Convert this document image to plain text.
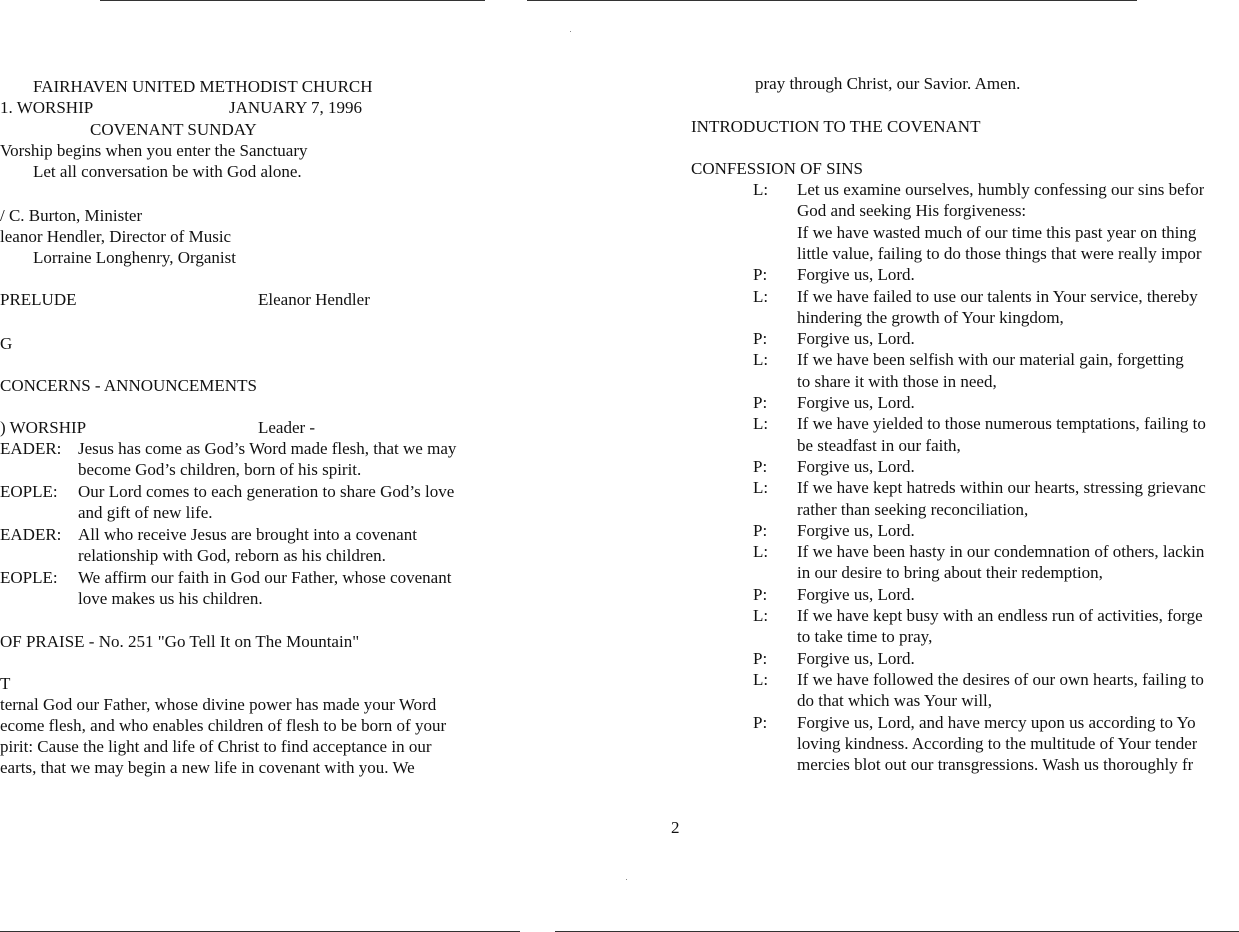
FAIRHAVEN UNITED METHODIST CHURCH
1. WORSHIP	JANUARY 7, 1996
COVENANT SUNDAY
Vorship begins when you enter the Sanctuary
Let all conversation be with God alone.
/ C. Burton, Minister
leanor Hendler, Director of Music
Lorraine Longhenry, Organist
PRELUDE	Eleanor Hendler
G
CONCERNS - ANNOUNCEMENTS
) WORSHIP	Leader -
EADER: Jesus has come as God’s Word made flesh, that we may
become God’s children, born of his spirit.
EOPLE: Our Lord comes to each generation to share God’s love
and gift of new life.
EADER: All who receive Jesus are brought into a covenant
relationship with God, reborn as his children.
EOPLE: We affirm our faith in God our Father, whose covenant
love makes us his children.
OF PRAISE - No. 251 "Go Tell It on The Mountain"
T
ternal God our Father, whose divine power has made your Word
ecome flesh, and who enables children of flesh to be born of your
pirit: Cause the light and life of Christ to find acceptance in our
earts, that we may begin a new life in covenant with you. We
pray through Christ, our Savior. Amen.
INTRODUCTION TO THE COVENANT
CONFESSION OF SINS
L: Let us examine ourselves, humbly confessing our sins befor
God and seeking His forgiveness:
If we have wasted much of our time this past year on thing
little value, failing to do those things that were really impor
P: Forgive us, Lord.
L: If we have failed to use our talents in Your service, thereby
hindering the growth of Your kingdom,
P: Forgive us, Lord.
L: If we have been selfish with our material gain, forgetting
to share it with those in need,
P: Forgive us, Lord.
L: If we have yielded to those numerous temptations, failing to
be steadfast in our faith,
P: Forgive us, Lord.
L: If we have kept hatreds within our hearts, stressing grievanc
rather than seeking reconciliation,
P: Forgive us, Lord.
L: If we have been hasty in our condemnation of others, lackin
in our desire to bring about their redemption,
P: Forgive us, Lord.
L: If we have kept busy with an endless run of activities, forge
to take time to pray,
P: Forgive us, Lord.
L: If we have followed the desires of our own hearts, failing to
do that which was Your will,
P: Forgive us, Lord, and have mercy upon us according to Yo
loving kindness. According to the multitude of Your tender
mercies blot out our transgressions. Wash us thoroughly fr
2
